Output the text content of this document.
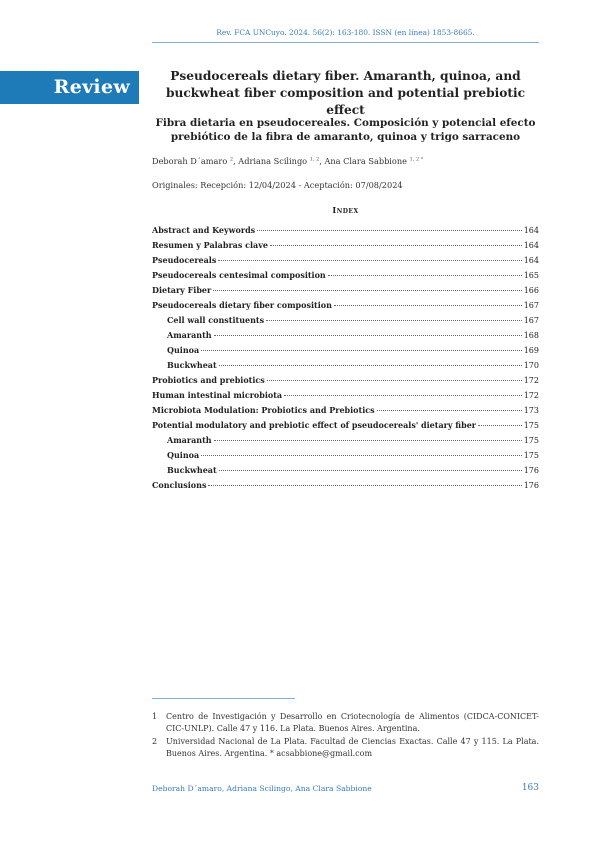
Rev. FCA UNCuyo. 2024. 56(2): 163-180. ISSN (en línea) 1853-8665.
Review	Pseudocereals dietary fiber. Amaranth, quinoa, and buckwheat fiber composition and potential prebiotic effect
Fibra dietaria en pseudocereales. Composición y potencial efecto prebiótico de la fibra de amaranto, quinoa y trigo sarraceno
Deborah D´amaro $^2$, Adriana Scilingo $^{1, 2}$, Ana Clara Sabbione $^{1, 2 *}$
Originales: Recepción: 12/04/2024 - Aceptación: 07/08/2024
Index
Abstract and Keywords	164
Resumen y Palabras clave	164
Pseudocereals	164
Pseudocereals centesimal composition	165
Dietary Fiber	166
Pseudocereals dietary fiber composition	167
Cell wall constituents	167
Amaranth	168
Quinoa	169
Buckwheat	170
Probiotics and prebiotics	172
Human intestinal microbiota	172
Microbiota Modulation: Probiotics and Prebiotics	173
Potential modulatory and prebiotic effect of pseudocereals' dietary fiber	175
Amaranth	175
Quinoa	175
Buckwheat	176
Conclusions	176
1	Centro de Investigación y Desarrollo en Criotecnología de Alimentos (CIDCA-CONICET-CIC-UNLP). Calle 47 y 116. La Plata. Buenos Aires. Argentina.
2	Universidad Nacional de La Plata. Facultad de Ciencias Exactas. Calle 47 y 115. La Plata. Buenos Aires. Argentina. * acsabbione@gmail.com
Deborah D´amaro, Adriana Scilingo, Ana Clara Sabbione	163
